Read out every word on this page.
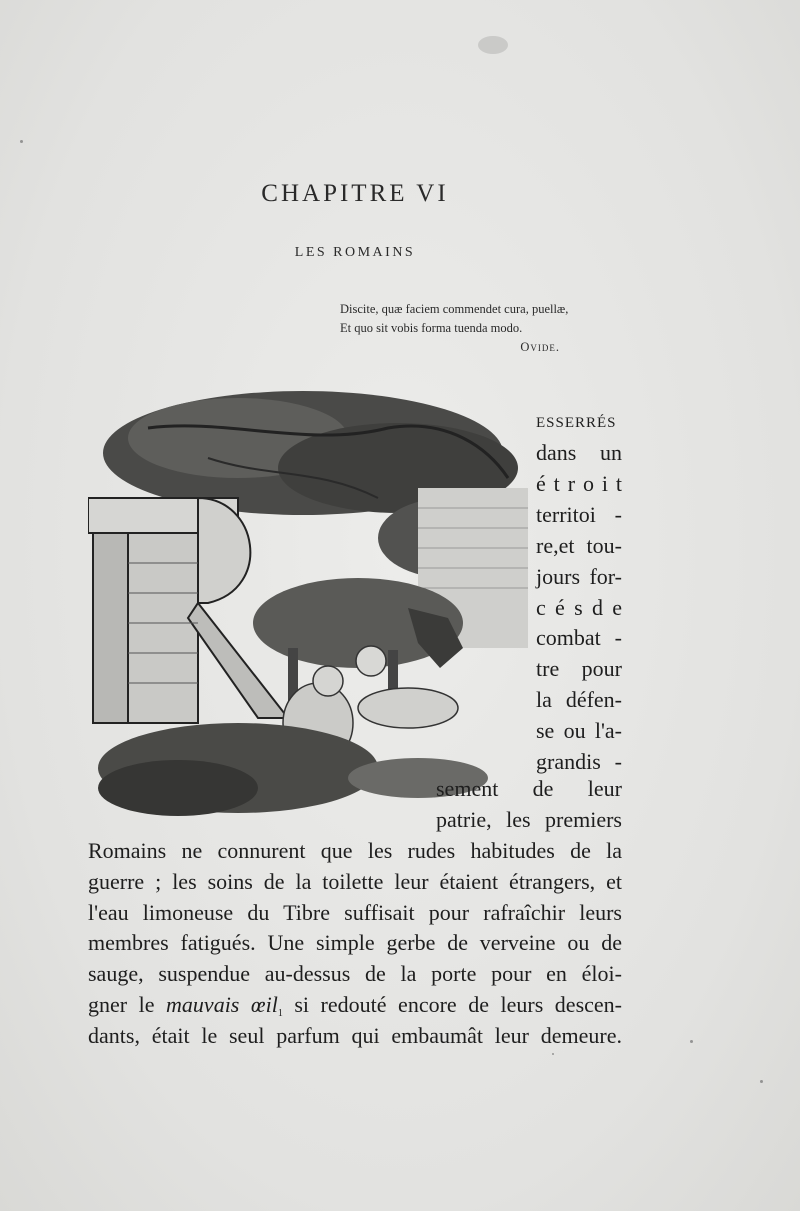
CHAPITRE VI
LES ROMAINS
Discite, quæ faciem commendet cura, puellæ,
Et quo sit vobis forma tuenda modo.
Ovide.
ESSERRÉS
dans un
é t r o i t
territoi -
re,et tou-
jours for-
c é s d e
combat -
tre pour
la défen-
se ou l'a-
grandis -
sement de leur
patrie, les premiers
Romains ne connurent que les rudes habitudes de la
guerre ; les soins de la toilette leur étaient étrangers, et
l'eau limoneuse du Tibre suffisait pour rafraîchir leurs
membres fatigués. Une simple gerbe de verveine ou de
sauge, suspendue au-dessus de la porte pour en éloi-
gner le mauvais œil$_1$ si redouté encore de leurs descen-
dants, était le seul parfum qui embaumât leur demeure.
